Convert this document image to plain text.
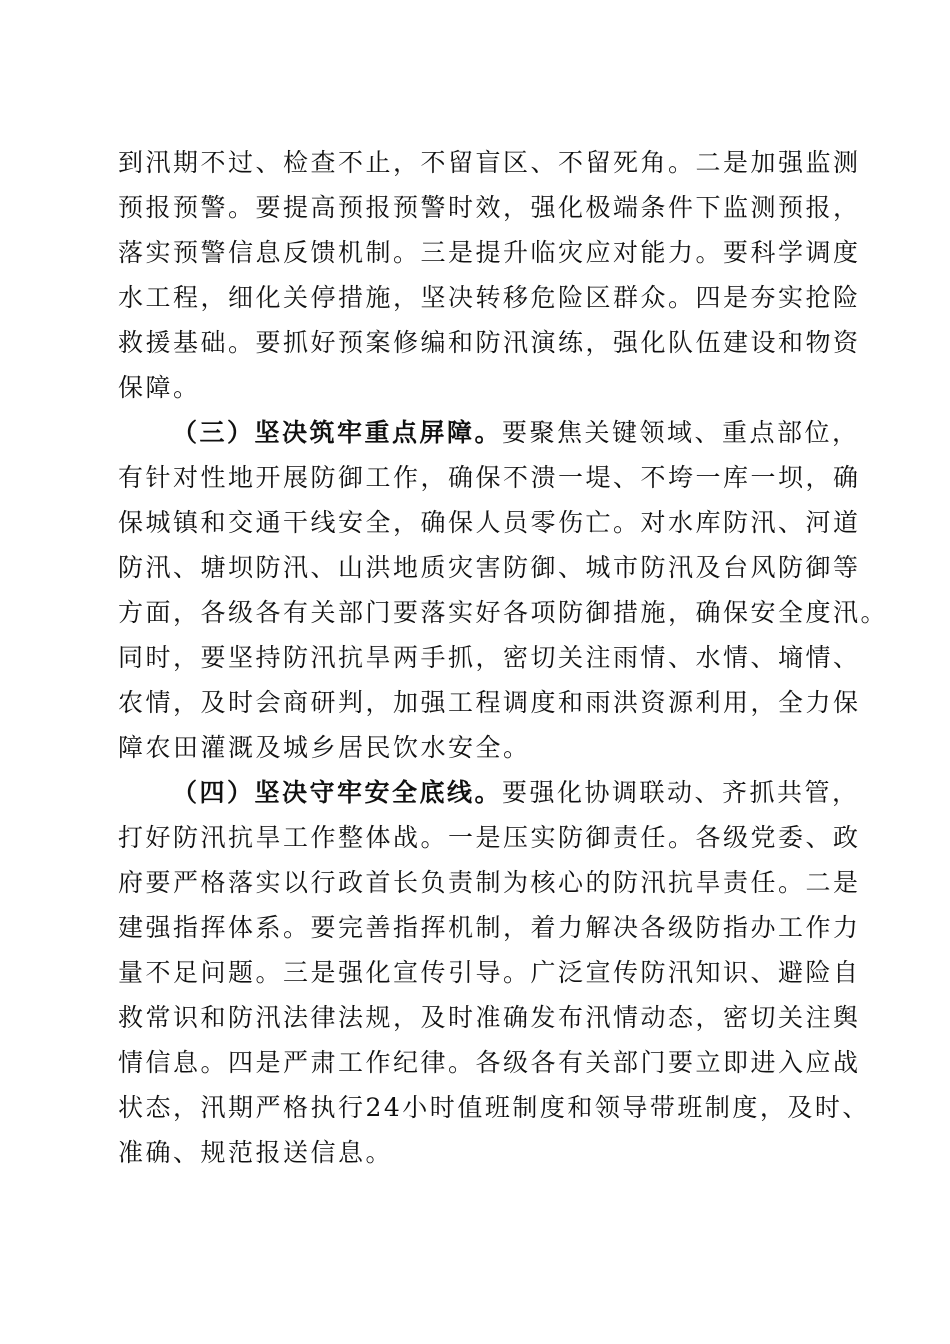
到汛期不过、检查不止，不留盲区、不留死角。二是加强监测
预报预警。要提高预报预警时效，强化极端条件下监测预报，
落实预警信息反馈机制。三是提升临灾应对能力。要科学调度
水工程，细化关停措施，坚决转移危险区群众。四是夯实抢险
救援基础。要抓好预案修编和防汛演练，强化队伍建设和物资
保障。
（三）坚决筑牢重点屏障。要聚焦关键领域、重点部位，
有针对性地开展防御工作，确保不溃一堤、不垮一库一坝，确
保城镇和交通干线安全，确保人员零伤亡。对水库防汛、河道
防汛、塘坝防汛、山洪地质灾害防御、城市防汛及台风防御等
方面，各级各有关部门要落实好各项防御措施，确保安全度汛。
同时，要坚持防汛抗旱两手抓，密切关注雨情、水情、墒情、
农情，及时会商研判，加强工程调度和雨洪资源利用，全力保
障农田灌溉及城乡居民饮水安全。
（四）坚决守牢安全底线。要强化协调联动、齐抓共管，
打好防汛抗旱工作整体战。一是压实防御责任。各级党委、政
府要严格落实以行政首长负责制为核心的防汛抗旱责任。二是
建强指挥体系。要完善指挥机制，着力解决各级防指办工作力
量不足问题。三是强化宣传引导。广泛宣传防汛知识、避险自
救常识和防汛法律法规，及时准确发布汛情动态，密切关注舆
情信息。四是严肃工作纪律。各级各有关部门要立即进入应战
状态，汛期严格执行24小时值班制度和领导带班制度，及时、
准确、规范报送信息。
